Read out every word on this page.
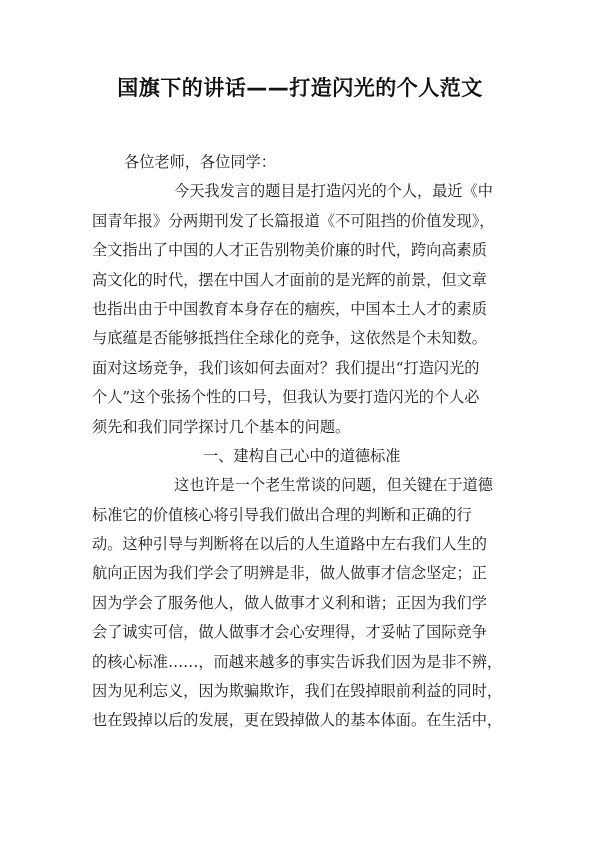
国旗下的讲话——打造闪光的个人范文
各位老师，各位同学：
今天我发言的题目是打造闪光的个人，最近《中
国青年报》分两期刊发了长篇报道《不可阻挡的价值发现》，
全文指出了中国的人才正告别物美价廉的时代，跨向高素质
高文化的时代，摆在中国人才面前的是光辉的前景，但文章
也指出由于中国教育本身存在的痼疾，中国本土人才的素质
与底蕴是否能够抵挡住全球化的竞争，这依然是个未知数。
面对这场竞争，我们该如何去面对？我们提出“打造闪光的
个人”这个张扬个性的口号，但我认为要打造闪光的个人必
须先和我们同学探讨几个基本的问题。
一、建构自己心中的道德标准
这也许是一个老生常谈的问题，但关键在于道德
标准它的价值核心将引导我们做出合理的判断和正确的行
动。这种引导与判断将在以后的人生道路中左右我们人生的
航向正因为我们学会了明辨是非，做人做事才信念坚定；正
因为学会了服务他人，做人做事才义利和谐；正因为我们学
会了诚实可信，做人做事才会心安理得，才妥帖了国际竞争
的核心标准……，而越来越多的事实告诉我们因为是非不辨，
因为见利忘义，因为欺骗欺诈，我们在毁掉眼前利益的同时，
也在毁掉以后的发展，更在毁掉做人的基本体面。在生活中，
